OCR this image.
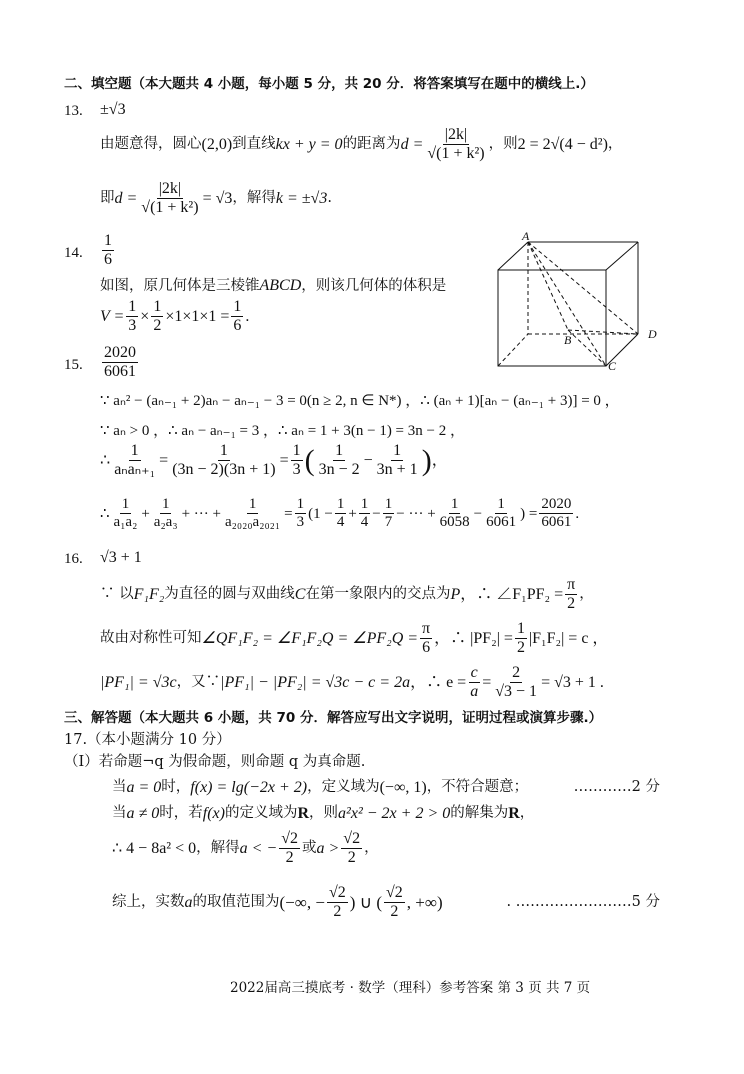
二、填空题（本大题共 4 小题，每小题 5 分，共 20 分．将答案填写在题中的横线上.）
13. ±√3
由题意得，圆心 (2,0) 到直线 kx + y = 0 的距离为 $d = \frac{|2k|}{\text{√(1 + k²)}}$ ，则 2 = 2√(4 − d²) ，
即 $d = \frac{|2k|}{\text{√(1 + k²)}} = √3$ ，解得 k = ±√3 .
14. $\frac{1}{6}$
如图，原几何体是三棱锥ABCD，则该几何体的体积是
$V = \frac{1}{3} \times \frac{1}{2} \times 1\times 1\times 1 = \frac{1}{6}$ .
A
B
C
D
15. $\frac{2020}{6061}$
∵ aₙ² − (aₙ₋₁ + 2)aₙ − aₙ₋₁ − 3 = 0(n ≥ 2, n ∈ N*) ，∴ (aₙ + 1)[aₙ − (aₙ₋₁ + 3)] = 0 ，
∵ aₙ > 0 ，∴ aₙ − aₙ₋₁ = 3 ，∴ aₙ = 1 + 3(n − 1) = 3n − 2 ，
∴ $\frac{1}{\text{aₙaₙ₊₁}} = \frac{1}{(3n - 2)(3n + 1)} = \frac{1}{3}$ ( $\frac{1}{3n - 2} - \frac{1}{3n + 1}$ ) ，
∴ $\frac{1}{\text{a₁a₂}} + \frac{1}{\text{a₂a₃}}$ + ··· + $\frac{1}{\text{a₂₀₂₀a₂₀₂₁}} = \frac{1}{3} (1 - \frac{1}{4} + \frac{1}{4} - \frac{1}{7}$ − ··· + $\frac{1}{6058} - \frac{1}{6061}$ ) = $\frac{2020}{6061}$ .
16. √3 + 1
∵ 以 F₁F₂ 为直径的圆与双曲线 C 在第一象限内的交点为 P ，∴ ∠F₁PF₂ = $\frac{\pi}{2}$ ，
故由对称性可知 ∠QF₁F₂ = ∠F₁F₂Q = ∠PF₂Q = $\frac{\pi}{6}$ ，∴ $|PF_2| = \frac{1}{2} |F_1F_2| = c$ ，
|PF₁| = √3c ，又∵ |PF₁| − |PF₂| = √3c − c = 2a ，∴ $e = \frac{c}{a} = \frac{2}{√3 - 1} = √3 + 1$ .
三、解答题（本大题共 6 小题，共 70 分．解答应写出文字说明，证明过程或演算步骤.）
17.（本小题满分 10 分）
（Ⅰ）若命题¬q 为假命题，则命题 q 为真命题.
当 a = 0 时， f(x) = lg(−2x + 2) ，定义域为 (−∞, 1) ，不符合题意；	…………2 分
当 a ≠ 0 时，若 f(x) 的定义域为 R ，则 a²x² − 2x + 2 > 0 的解集为 R ，
∴ 4 − 8a² < 0 ，解得 a < − $\frac{√2}{2}$ 或 $a > \frac{√2}{2}$ ，
综上，实数 a 的取值范围为 (−∞, − $\frac{√2}{2}$ ) ∪ ( $\frac{√2}{2}$ , +∞)	. ……………………5 分
2022届高三摸底考 · 数学（理科）参考答案 第 3 页 共 7 页
